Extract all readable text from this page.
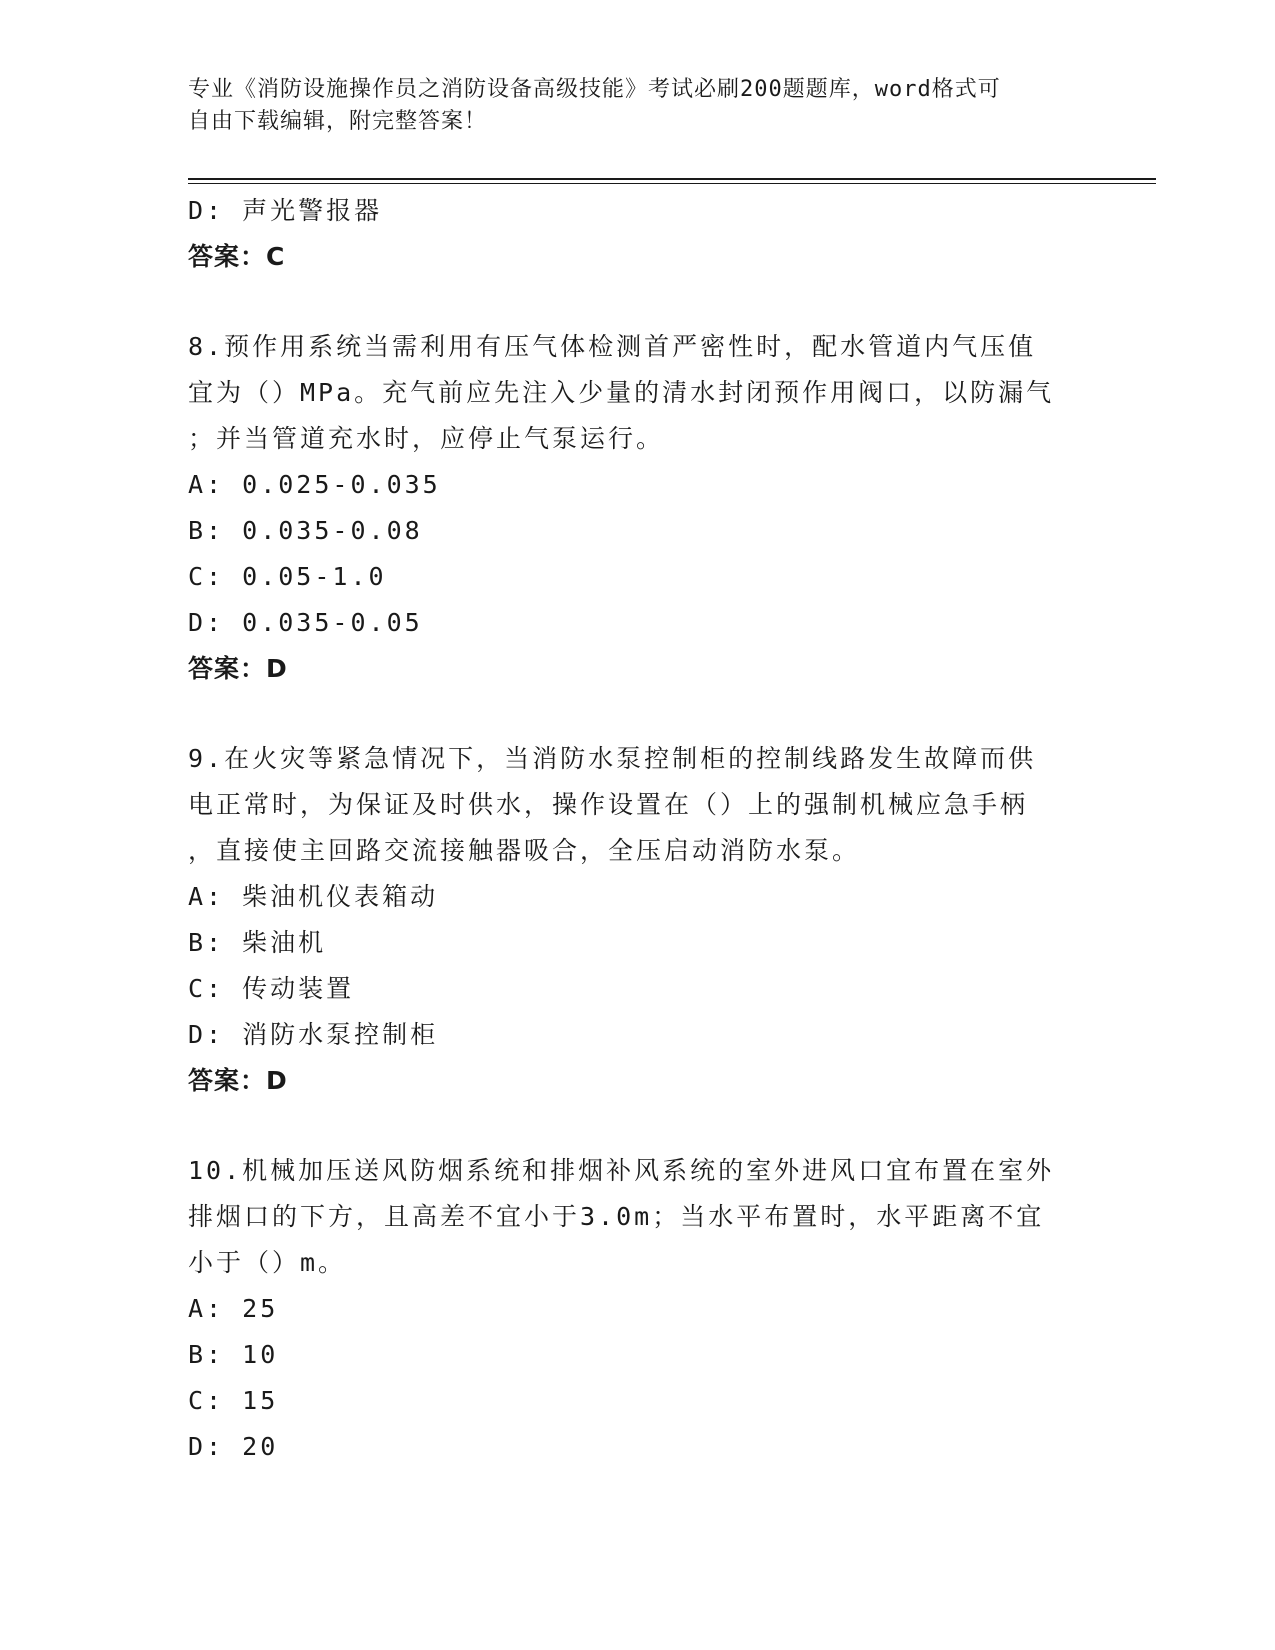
专业《消防设施操作员之消防设备高级技能》考试必刷200题题库，word格式可
自由下载编辑，附完整答案！
D: 声光警报器
答案：C
8.预作用系统当需利用有压气体检测首严密性时，配水管道内气压值
宜为（）MPa。充气前应先注入少量的清水封闭预作用阀口，以防漏气
；并当管道充水时，应停止气泵运行。
A: 0.025-0.035
B: 0.035-0.08
C: 0.05-1.0
D: 0.035-0.05
答案：D
9.在火灾等紧急情况下，当消防水泵控制柜的控制线路发生故障而供
电正常时，为保证及时供水，操作设置在（）上的强制机械应急手柄
，直接使主回路交流接触器吸合，全压启动消防水泵。
A: 柴油机仪表箱动
B: 柴油机
C: 传动装置
D: 消防水泵控制柜
答案：D
10.机械加压送风防烟系统和排烟补风系统的室外进风口宜布置在室外
排烟口的下方，且高差不宜小于3.0m；当水平布置时，水平距离不宜
小于（）m。
A: 25
B: 10
C: 15
D: 20
